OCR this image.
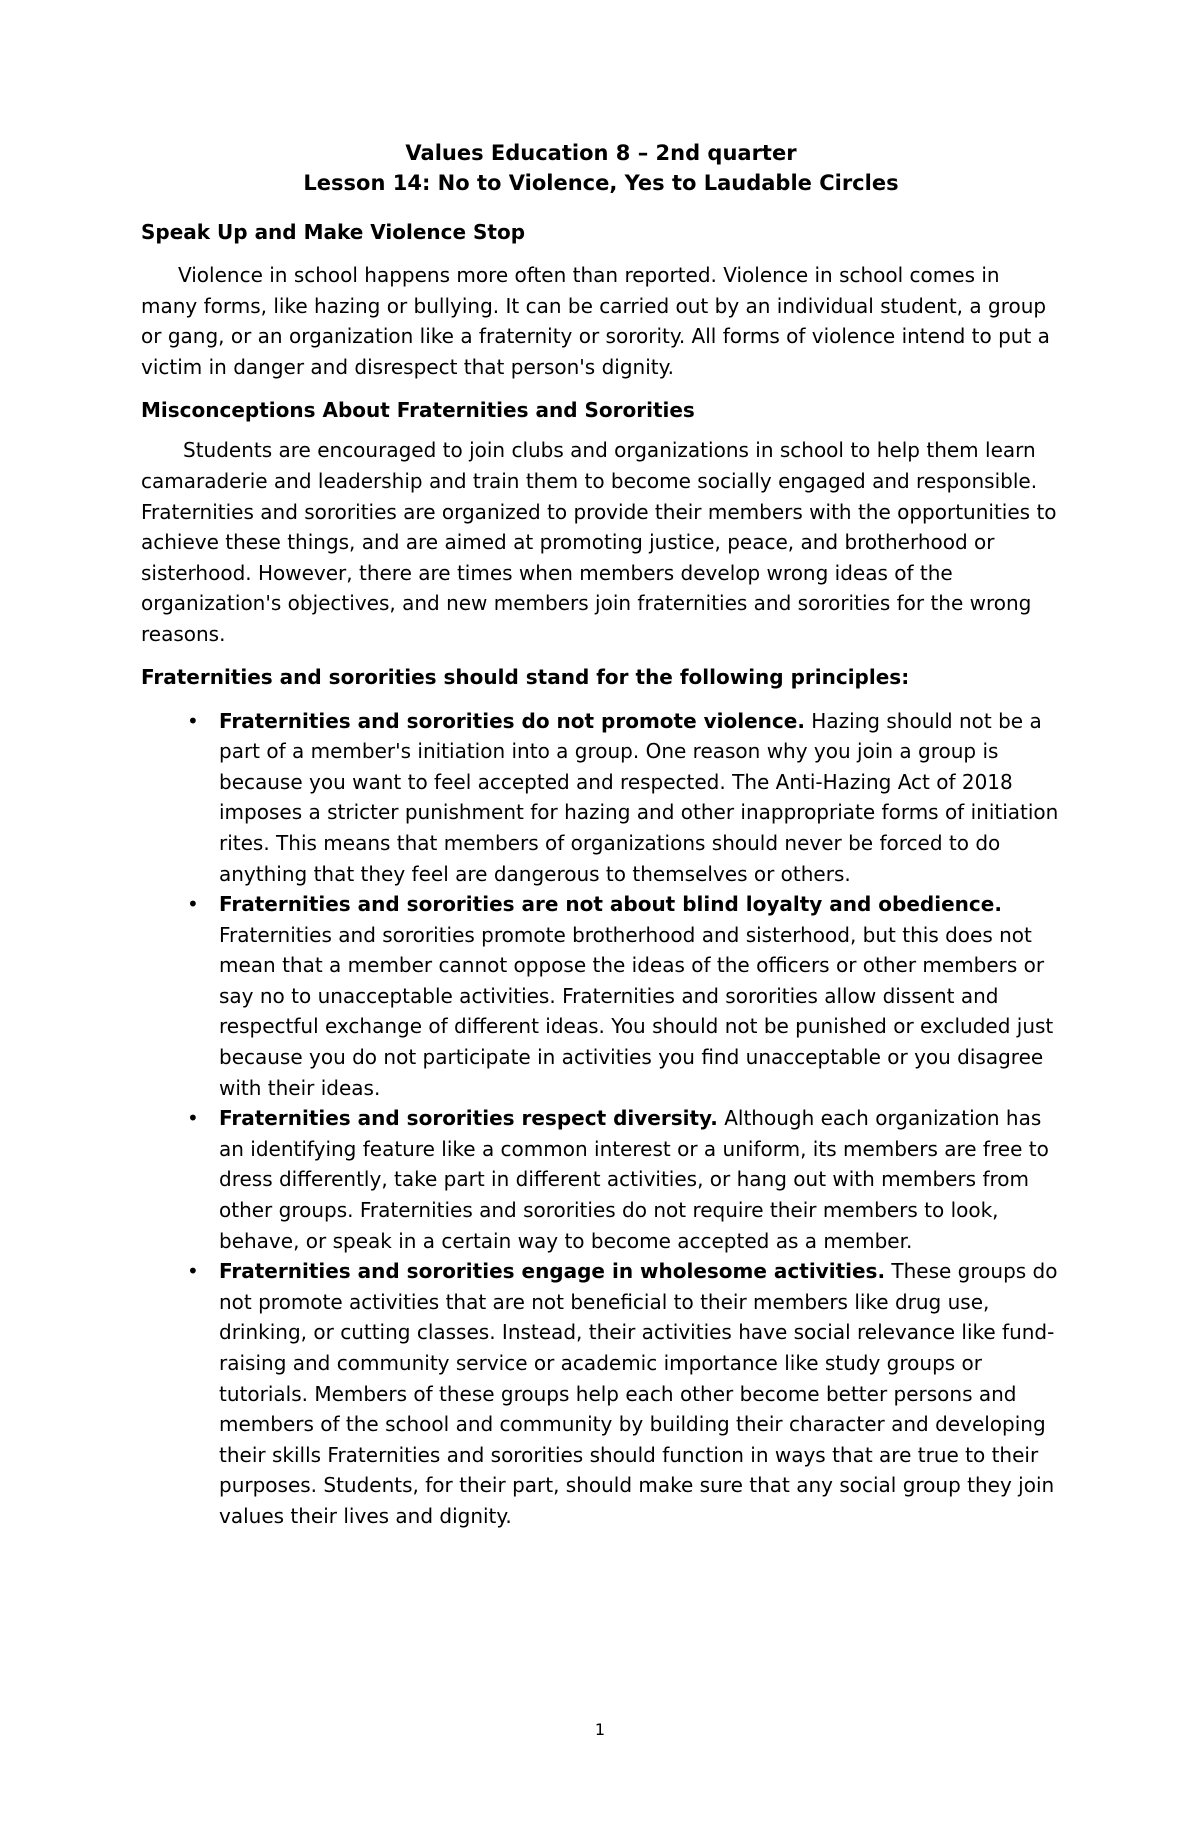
Values Education 8 – 2nd quarter

Lesson 14: No to Violence, Yes to Laudable Circles

Speak Up and Make Violence Stop

Violence in school happens more often than reported. Violence in school comes in many forms, like hazing or bullying. It can be carried out by an individual student, a group or gang, or an organization like a fraternity or sorority. All forms of violence intend to put a victim in danger and disrespect that person's dignity.

Misconceptions About Fraternities and Sororities

Students are encouraged to join clubs and organizations in school to help them learn camaraderie and leadership and train them to become socially engaged and responsible. Fraternities and sororities are organized to provide their members with the opportunities to achieve these things, and are aimed at promoting justice, peace, and brotherhood or sisterhood. However, there are times when members develop wrong ideas of the organization's objectives, and new members join fraternities and sororities for the wrong reasons.

Fraternities and sororities should stand for the following principles:

• Fraternities and sororities do not promote violence. Hazing should not be a part of a member's initiation into a group. One reason why you join a group is because you want to feel accepted and respected. The Anti-Hazing Act of 2018 imposes a stricter punishment for hazing and other inappropriate forms of initiation rites. This means that members of organizations should never be forced to do anything that they feel are dangerous to themselves or others.
• Fraternities and sororities are not about blind loyalty and obedience. Fraternities and sororities promote brotherhood and sisterhood, but this does not mean that a member cannot oppose the ideas of the officers or other members or say no to unacceptable activities. Fraternities and sororities allow dissent and respectful exchange of different ideas. You should not be punished or excluded just because you do not participate in activities you find unacceptable or you disagree with their ideas.
• Fraternities and sororities respect diversity. Although each organization has an identifying feature like a common interest or a uniform, its members are free to dress differently, take part in different activities, or hang out with members from other groups. Fraternities and sororities do not require their members to look, behave, or speak in a certain way to become accepted as a member.
• Fraternities and sororities engage in wholesome activities. These groups do not promote activities that are not beneficial to their members like drug use, drinking, or cutting classes. Instead, their activities have social relevance like fund-raising and community service or academic importance like study groups or tutorials. Members of these groups help each other become better persons and members of the school and community by building their character and developing their skills Fraternities and sororities should function in ways that are true to their purposes. Students, for their part, should make sure that any social group they join values their lives and dignity.
1
